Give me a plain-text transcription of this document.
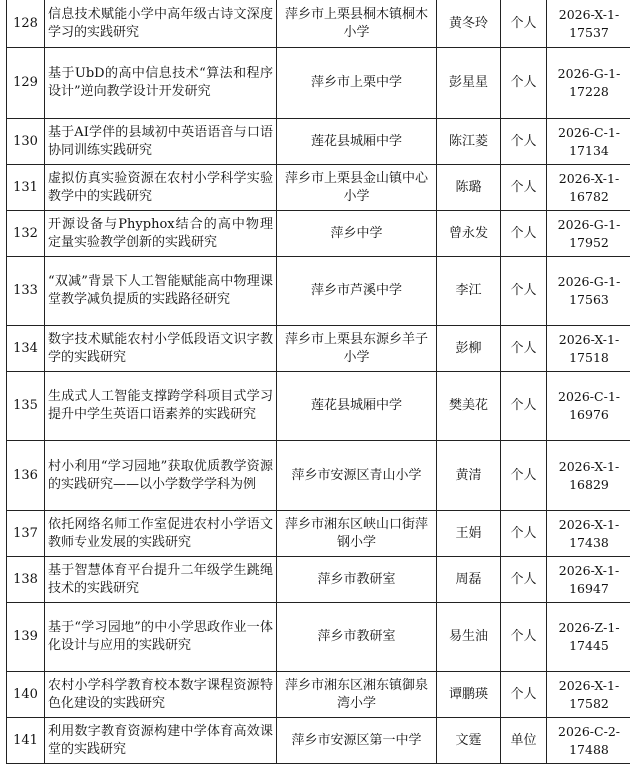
128	信息技术赋能小学中高年级古诗文深度学习的实践研究	萍乡市上栗县桐木镇桐木小学	黄冬玲	个人	2026-X-1-17537
129	基于UbD的高中信息技术“算法和程序设计”逆向教学设计开发研究	萍乡市上栗中学	彭星星	个人	2026-G-1-17228
130	基于AI学伴的县域初中英语语音与口语协同训练实践研究	莲花县城厢中学	陈江菱	个人	2026-C-1-17134
131	虚拟仿真实验资源在农村小学科学实验教学中的实践研究	萍乡市上栗县金山镇中心小学	陈璐	个人	2026-X-1-16782
132	开源设备与Phyphox结合的高中物理定量实验教学创新的实践研究	萍乡中学	曾永发	个人	2026-G-1-17952
133	“双减”背景下人工智能赋能高中物理课堂教学减负提质的实践路径研究	萍乡市芦溪中学	李江	个人	2026-G-1-17563
134	数字技术赋能农村小学低段语文识字教学的实践研究	萍乡市上栗县东源乡羊子小学	彭柳	个人	2026-X-1-17518
135	生成式人工智能支撑跨学科项目式学习提升中学生英语口语素养的实践研究	莲花县城厢中学	樊美花	个人	2026-C-1-16976
136	村小利用“学习园地”获取优质教学资源的实践研究——以小学数学学科为例	萍乡市安源区青山小学	黄清	个人	2026-X-1-16829
137	依托网络名师工作室促进农村小学语文教师专业发展的实践研究	萍乡市湘东区峡山口街萍钢小学	王娟	个人	2026-X-1-17438
138	基于智慧体育平台提升二年级学生跳绳技术的实践研究	萍乡市教研室	周磊	个人	2026-X-1-16947
139	基于“学习园地”的中小学思政作业一体化设计与应用的实践研究	萍乡市教研室	易生油	个人	2026-Z-1-17445
140	农村小学科学教育校本数字课程资源特色化建设的实践研究	萍乡市湘东区湘东镇御泉湾小学	谭鹏瑛	个人	2026-X-1-17582
141	利用数字教育资源构建中学体育高效课堂的实践研究	萍乡市安源区第一中学	文霆	单位	2026-C-2-17488
